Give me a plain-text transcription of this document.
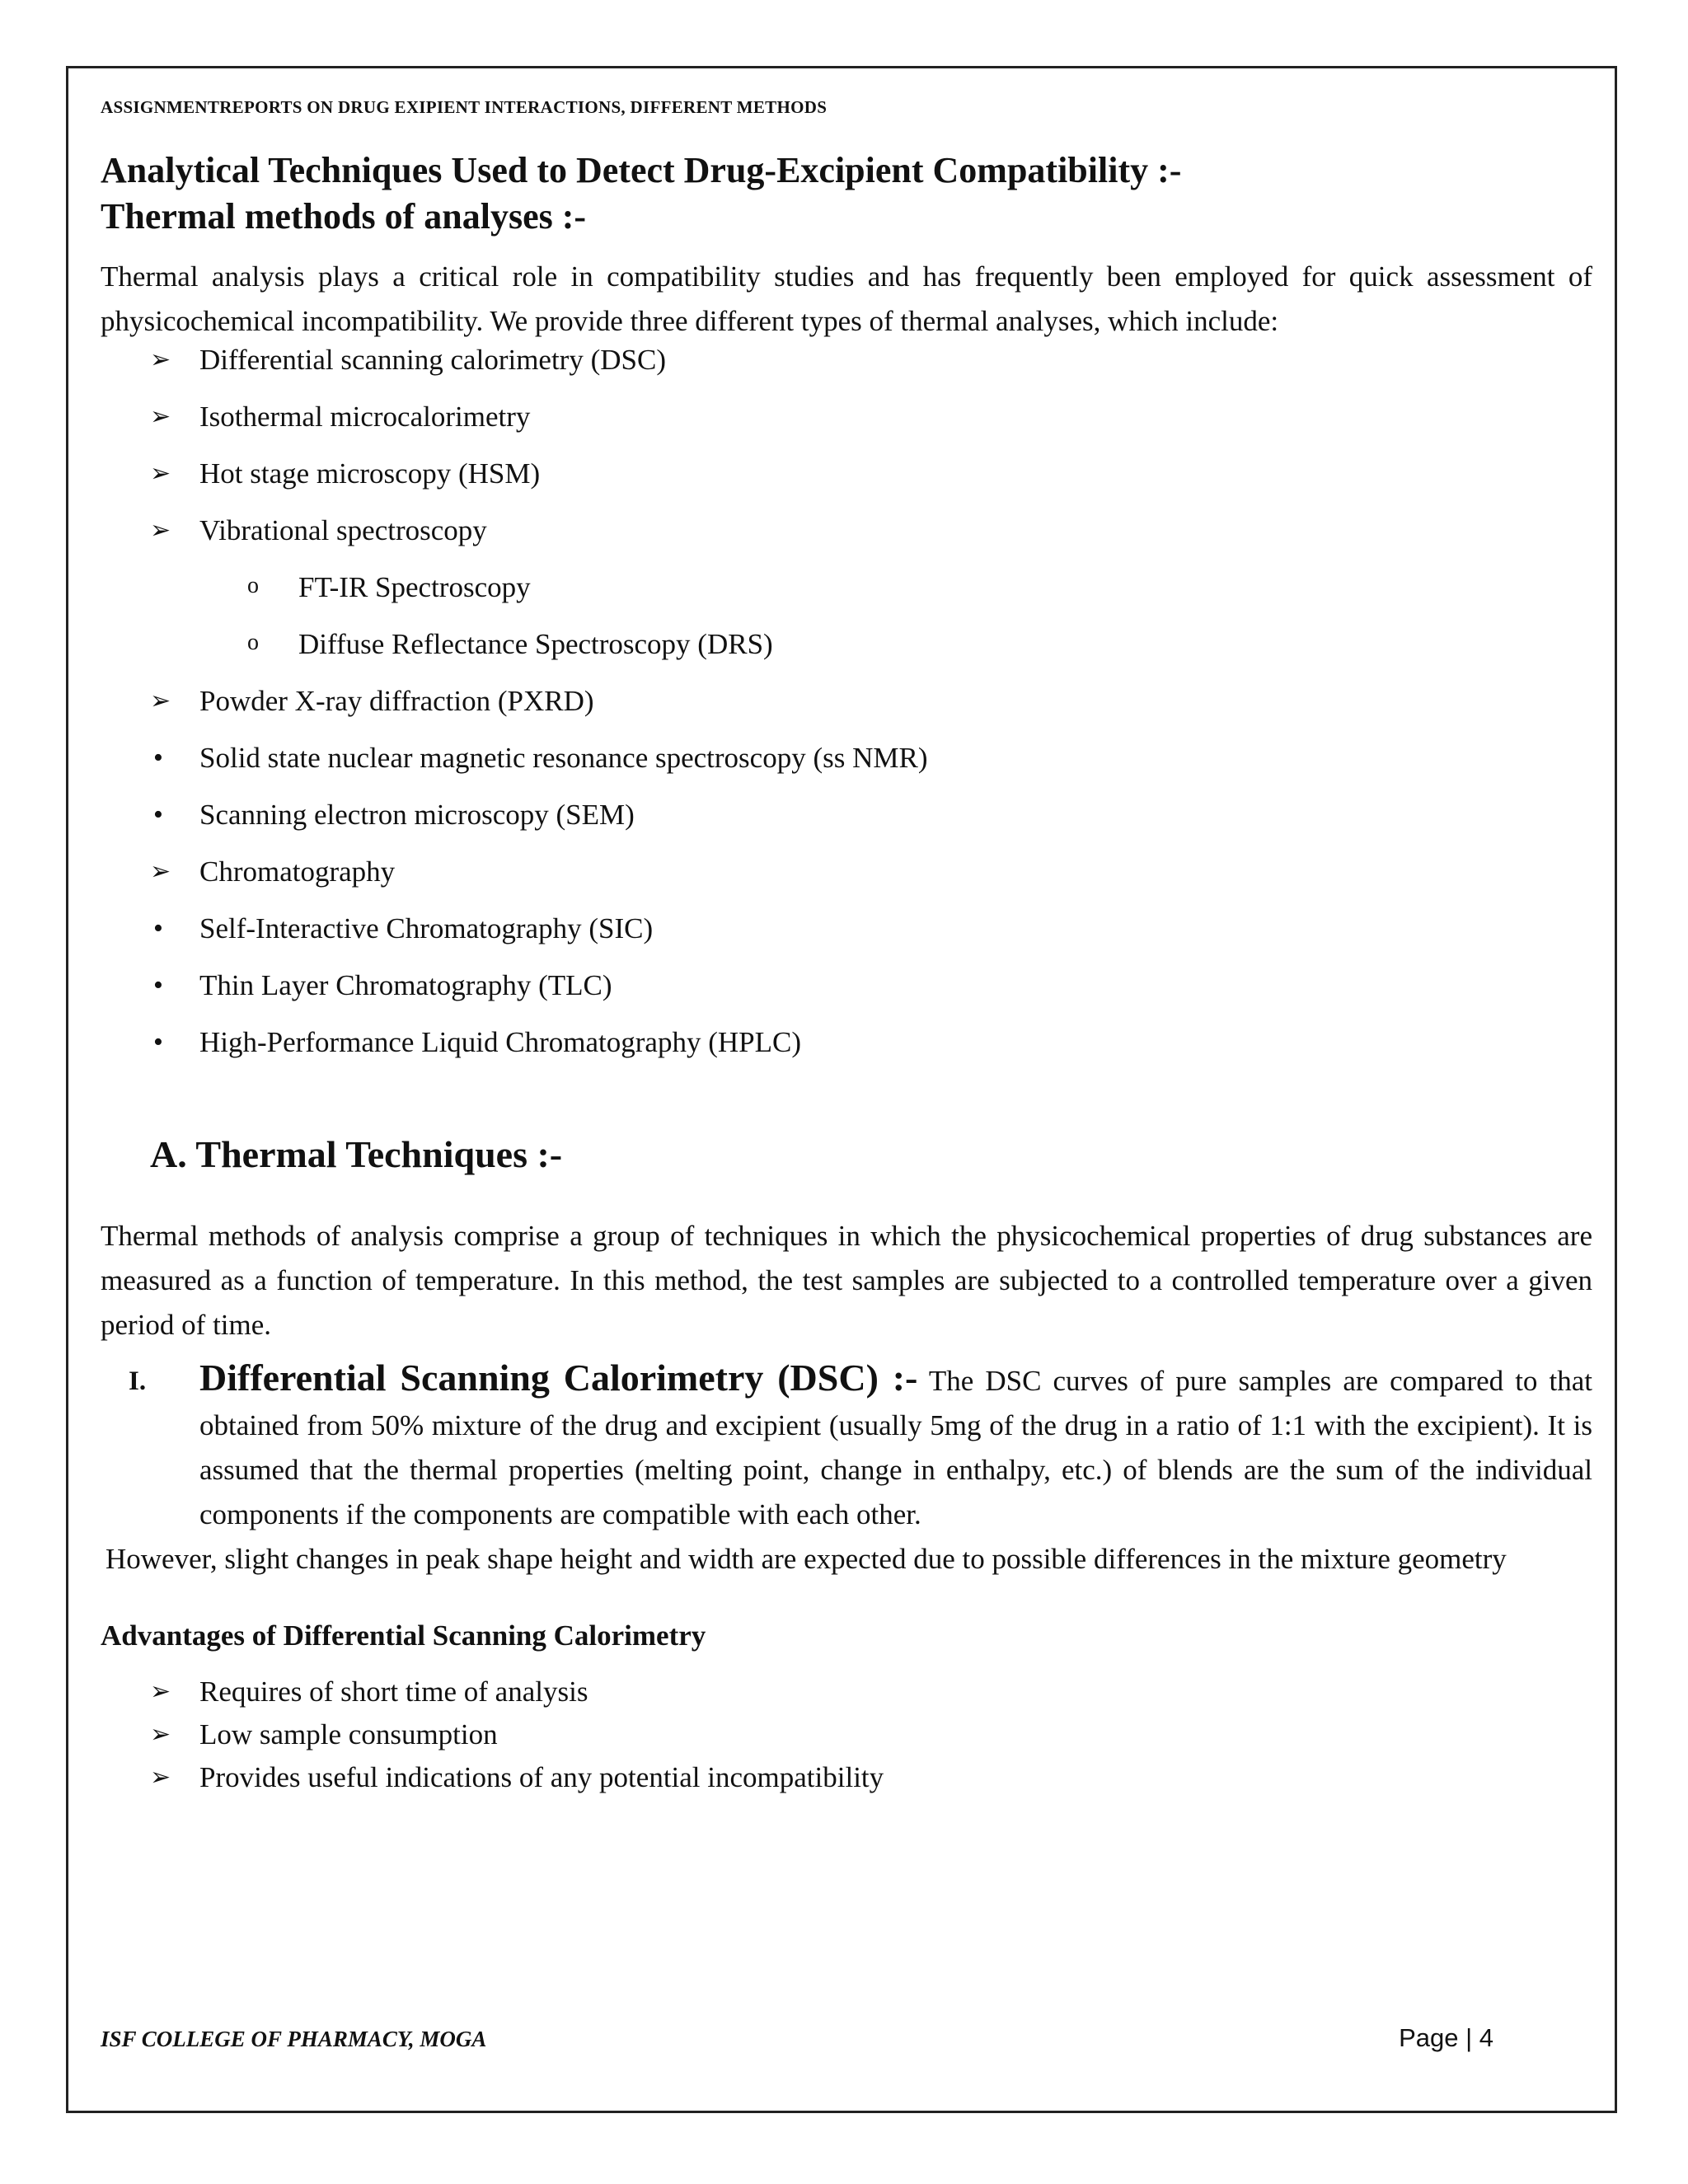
ASSIGNMENTREPORTS ON DRUG EXIPIENT INTERACTIONS, DIFFERENT METHODS
Analytical Techniques Used to Detect Drug-Excipient Compatibility :-
Thermal methods of analyses :-

Thermal analysis plays a critical role in compatibility studies and has frequently been employed for quick assessment of physicochemical incompatibility. We provide three different types of thermal analyses, which include:

➢ Differential scanning calorimetry (DSC)
➢ Isothermal microcalorimetry
➢ Hot stage microscopy (HSM)
➢ Vibrational spectroscopy
o FT-IR Spectroscopy
o Diffuse Reflectance Spectroscopy (DRS)
➢ Powder X-ray diffraction (PXRD)
• Solid state nuclear magnetic resonance spectroscopy (ss NMR)
• Scanning electron microscopy (SEM)
➢ Chromatography
• Self-Interactive Chromatography (SIC)
• Thin Layer Chromatography (TLC)
• High-Performance Liquid Chromatography (HPLC)
A. Thermal Techniques :-

Thermal methods of analysis comprise a group of techniques in which the physicochemical properties of drug substances are measured as a function of temperature. In this method, the test samples are subjected to a controlled temperature over a given period of time.

I. Differential Scanning Calorimetry (DSC) :- The DSC curves of pure samples are compared to that obtained from 50% mixture of the drug and excipient (usually 5mg of the drug in a ratio of 1:1 with the excipient). It is assumed that the thermal properties (melting point, change in enthalpy, etc.) of blends are the sum of the individual components if the components are compatible with each other.

However, slight changes in peak shape height and width are expected due to possible differences in the mixture geometry

Advantages of Differential Scanning Calorimetry
➢ Requires of short time of analysis
➢ Low sample consumption
➢ Provides useful indications of any potential incompatibility
ISF COLLEGE OF PHARMACY, MOGA	Page | 4
